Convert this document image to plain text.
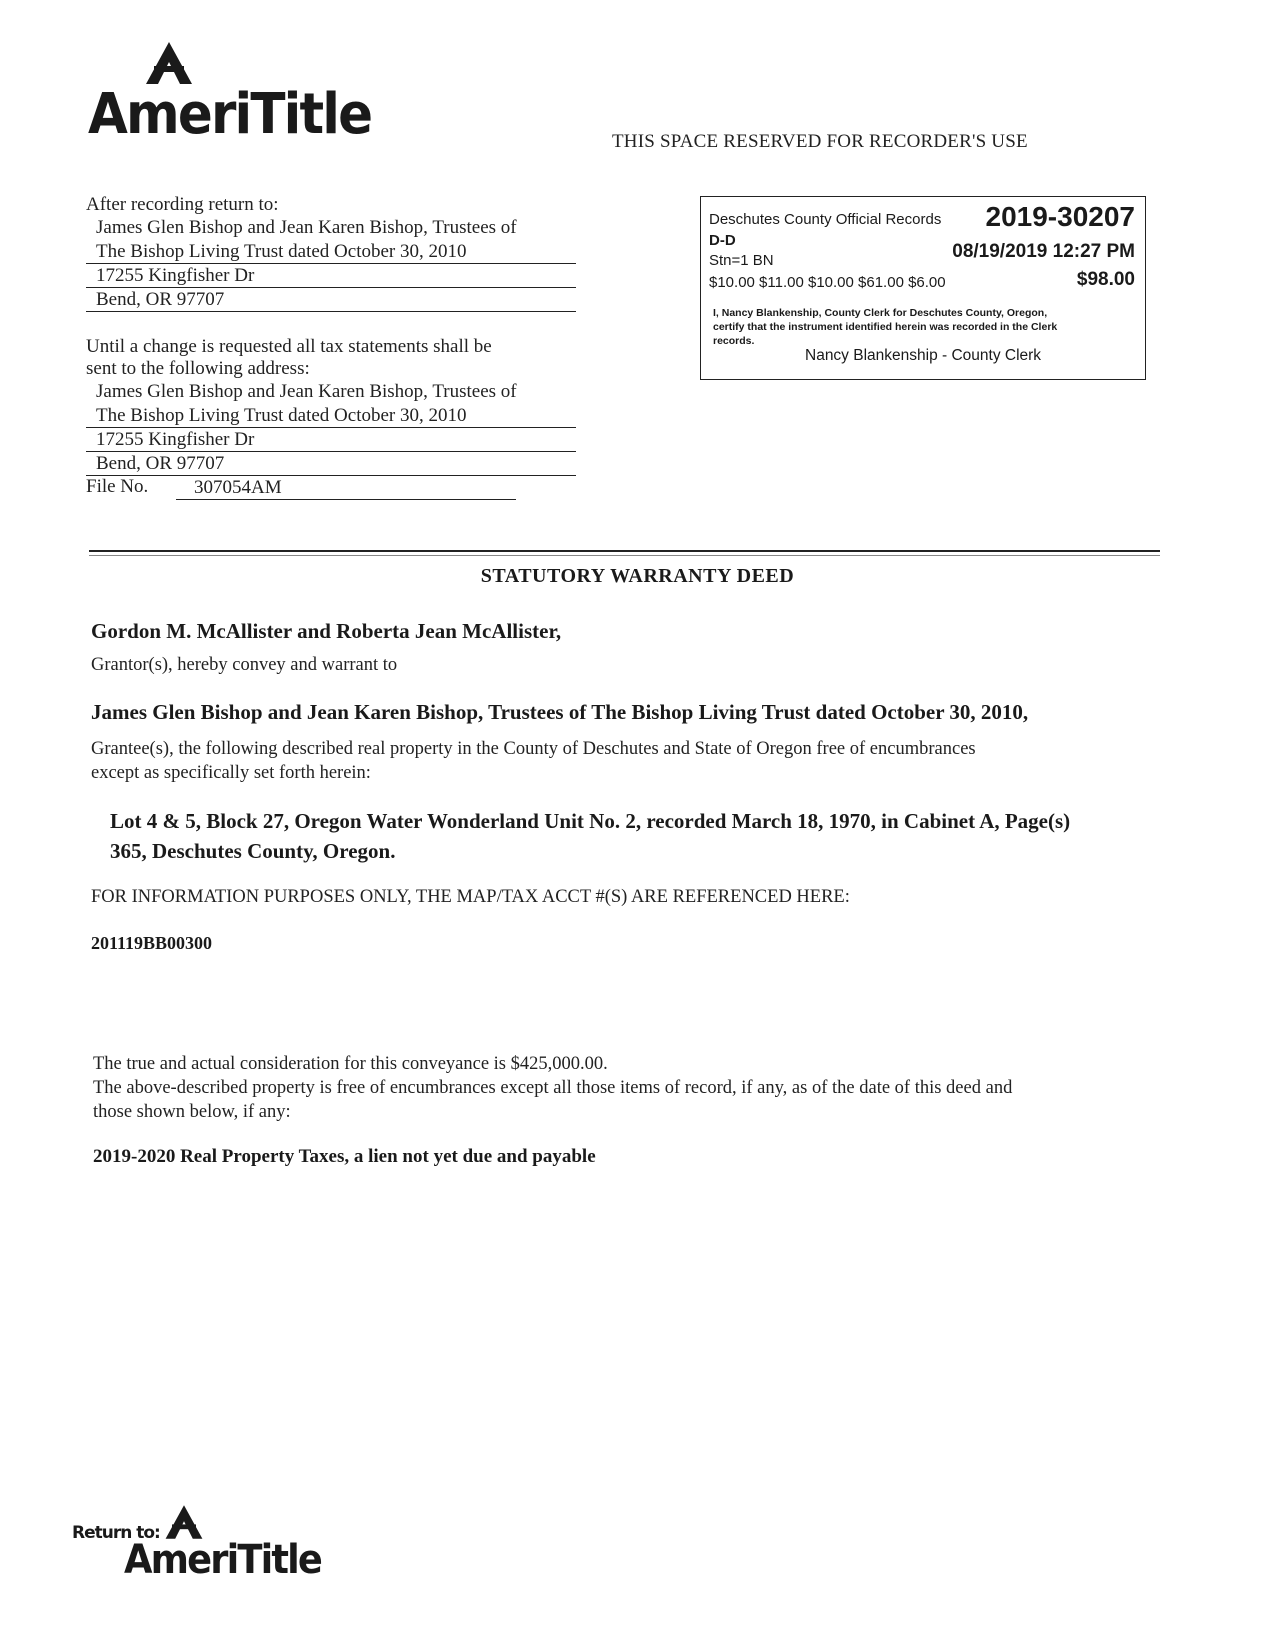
AmeriTitle	THIS SPACE RESERVED FOR RECORDER'S USE
After recording return to:
James Glen Bishop and Jean Karen Bishop, Trustees of
The Bishop Living Trust dated October 30, 2010
17255 Kingfisher Dr
Bend, OR 97707
Until a change is requested all tax statements shall be
sent to the following address:
James Glen Bishop and Jean Karen Bishop, Trustees of
The Bishop Living Trust dated October 30, 2010
17255 Kingfisher Dr
Bend, OR 97707
File No.	307054AM
Deschutes County Official Records 2019-30207
D-D
Stn=1 BN	08/19/2019 12:27 PM
$10.00 $11.00 $10.00 $61.00 $6.00	$98.00
I, Nancy Blankenship, County Clerk for Deschutes County, Oregon,
certify that the instrument identified herein was recorded in the Clerk
records.
Nancy Blankenship - County Clerk
STATUTORY WARRANTY DEED
Gordon M. McAllister and Roberta Jean McAllister,
Grantor(s), hereby convey and warrant to
James Glen Bishop and Jean Karen Bishop, Trustees of The Bishop Living Trust dated October 30, 2010,
Grantee(s), the following described real property in the County of Deschutes and State of Oregon free of encumbrances
except as specifically set forth herein:
Lot 4 & 5, Block 27, Oregon Water Wonderland Unit No. 2, recorded March 18, 1970, in Cabinet A, Page(s)
365, Deschutes County, Oregon.
FOR INFORMATION PURPOSES ONLY, THE MAP/TAX ACCT #(S) ARE REFERENCED HERE:
201119BB00300
The true and actual consideration for this conveyance is $425,000.00.
The above-described property is free of encumbrances except all those items of record, if any, as of the date of this deed and
those shown below, if any:
2019-2020 Real Property Taxes, a lien not yet due and payable
Return to:
AmeriTitle
